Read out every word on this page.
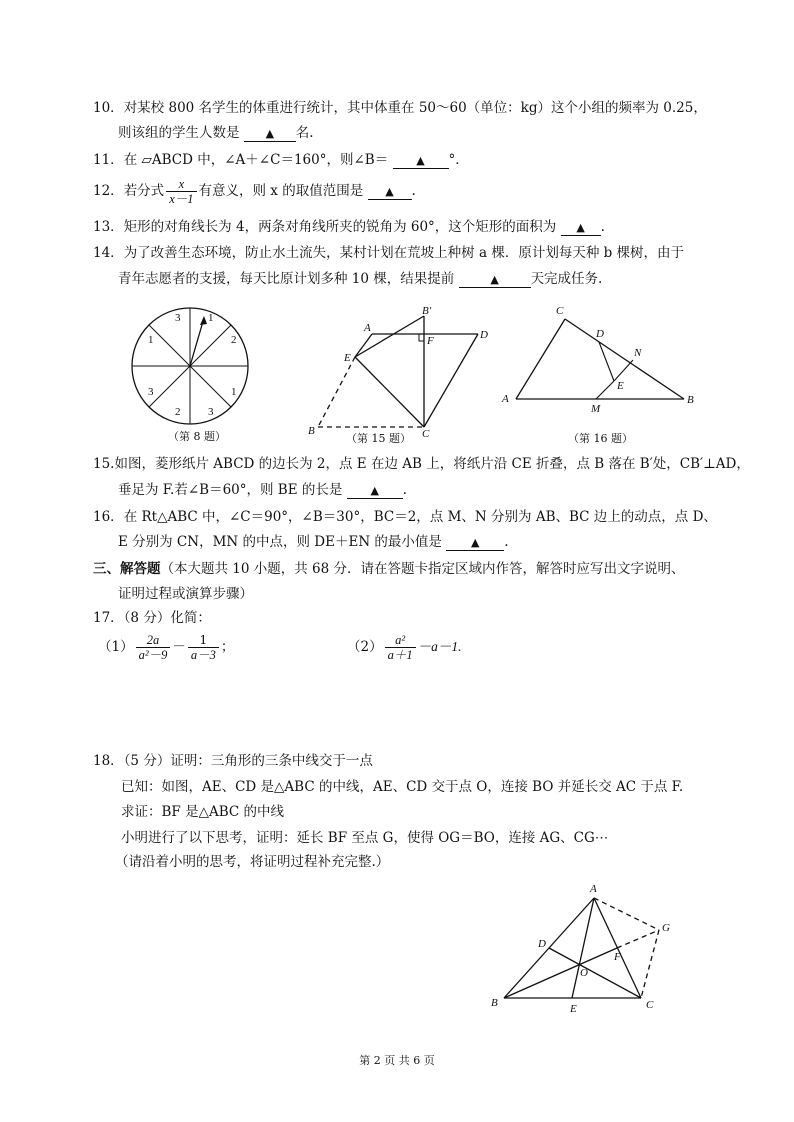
10．对某校 800 名学生的体重进行统计，其中体重在 50～60（单位：kg）这个小组的频率为 0.25，
则该组的学生人数是 ▲ 名.
11．在 ▱ABCD 中，∠A＋∠C＝160°，则∠B＝	▲ °．
12．若分式 $\frac{x}{x-1}$ 有意义，则 x 的取值范围是 ▲ .
13．矩形的对角线长为 4，两条对角线所夹的锐角为 60°，这个矩形的面积为 ▲ .
14．为了改善生态环境，防止水土流失，某村计划在荒坡上种树 a 棵．原计划每天种 b 棵树，由于
青年志愿者的支援，每天比原计划多种 10 棵，结果提前	▲ 天完成任务.
3	1
1	2
3	1
2	3
（第 8 题）
A
B′
D
F
E
B	C
（第 15 题）
C
D
N
E
A
M
B
（第 16 题）
15.如图，菱形纸片 ABCD 的边长为 2，点 E 在边 AB 上，将纸片沿 CE 折叠，点 B 落在 B′处，CB′⊥AD，
垂足为 F.若∠B＝60°，则 BE 的长是	▲ .
16．在 Rt△ABC 中，∠C＝90°，∠B＝30°，BC＝2，点 M、N 分别为 AB、BC 边上的动点，点 D、
E 分别为 CN，MN 的中点，则 DE＋EN 的最小值是	▲ .
三、解答题（本大题共 10 小题，共 68 分．请在答题卡指定区域内作答，解答时应写出文字说明、
证明过程或演算步骤）
17．（8 分）化简：
$(1) \frac{2a}{\text{a²－9}} - \frac{1}{a-3}$ ；	$(2) \frac{\text{a²}}{a+1} -a-1$.
18．（5 分）证明：三角形的三条中线交于一点
已知：如图，AE、CD 是△ABC 的中线，AE、CD 交于点 O，连接 BO 并延长交 AC 于点 F.
求证：BF 是△ABC 的中线
小明进行了以下思考，证明：延长 BF 至点 G，使得 OG＝BO，连接 AG、CG⋯
（请沿着小明的思考，将证明过程补充完整.）
A
G
D
F
O
B	E	C
第 2 页 共 6 页
